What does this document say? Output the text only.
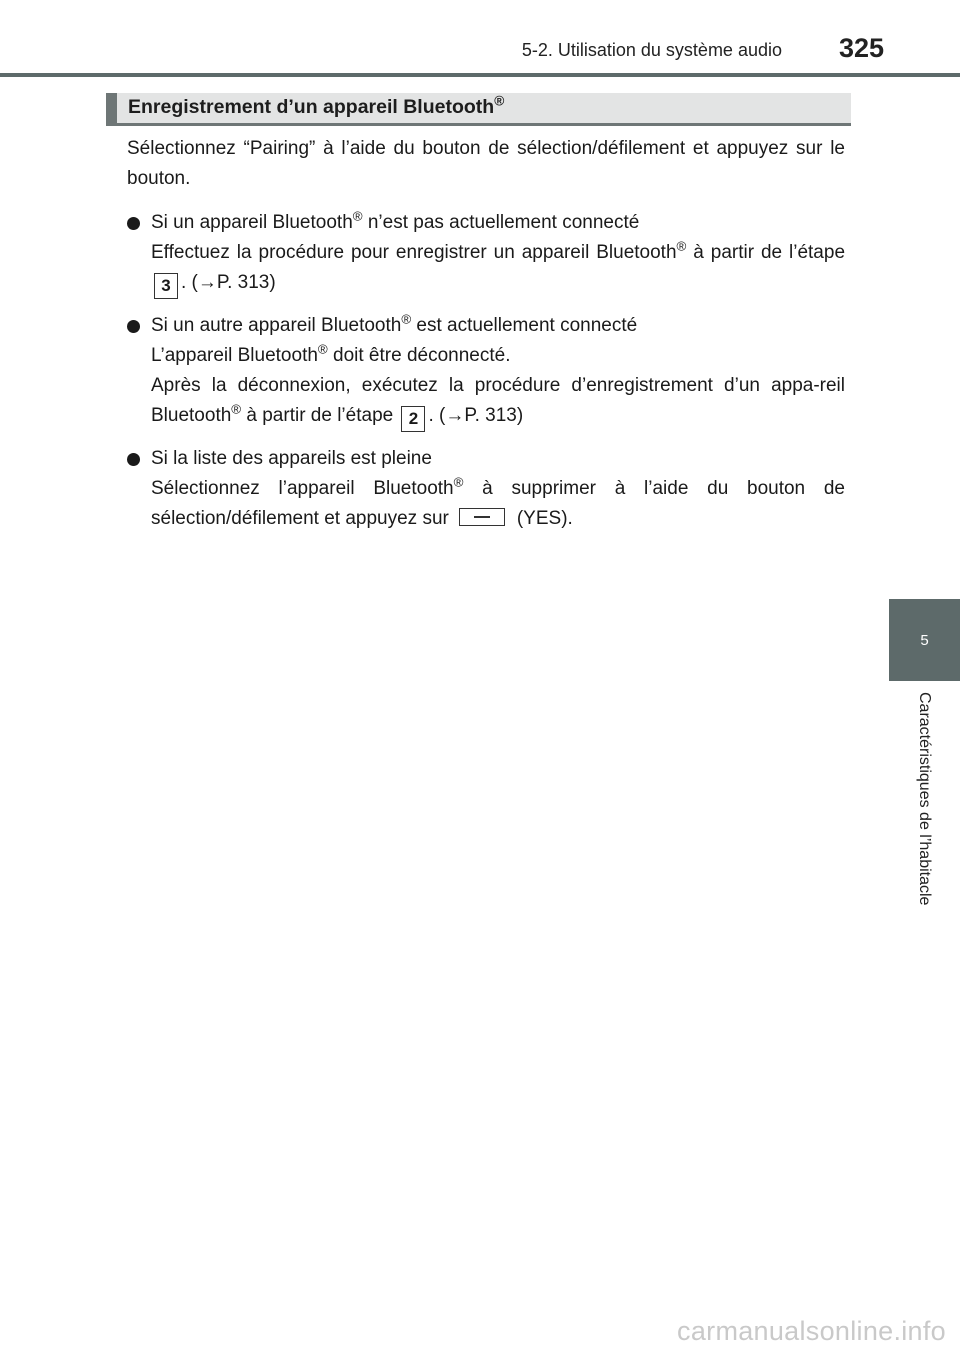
5-2. Utilisation du système audio 325
5
Caractéristiques de l’habitacle
Enregistrement d’un appareil Bluetooth®

Sélectionnez “Pairing” à l’aide du bouton de sélection/défilement et appuyez sur le bouton.

Si un appareil Bluetooth® n’est pas actuellement connecté
Effectuez la procédure pour enregistrer un appareil Bluetooth® à partir de l’étape 3 . (→P. 313)
Si un autre appareil Bluetooth® est actuellement connecté
L’appareil Bluetooth® doit être déconnecté.
Après la déconnexion, exécutez la procédure d’enregistrement d’un appa-reil Bluetooth® à partir de l’étape 2 . (→P. 313)
Si la liste des appareils est pleine
Sélectionnez l’appareil Bluetooth® à supprimer à l’aide du bouton de sélection/défilement et appuyez sur	(YES).
carmanualsonline.info
